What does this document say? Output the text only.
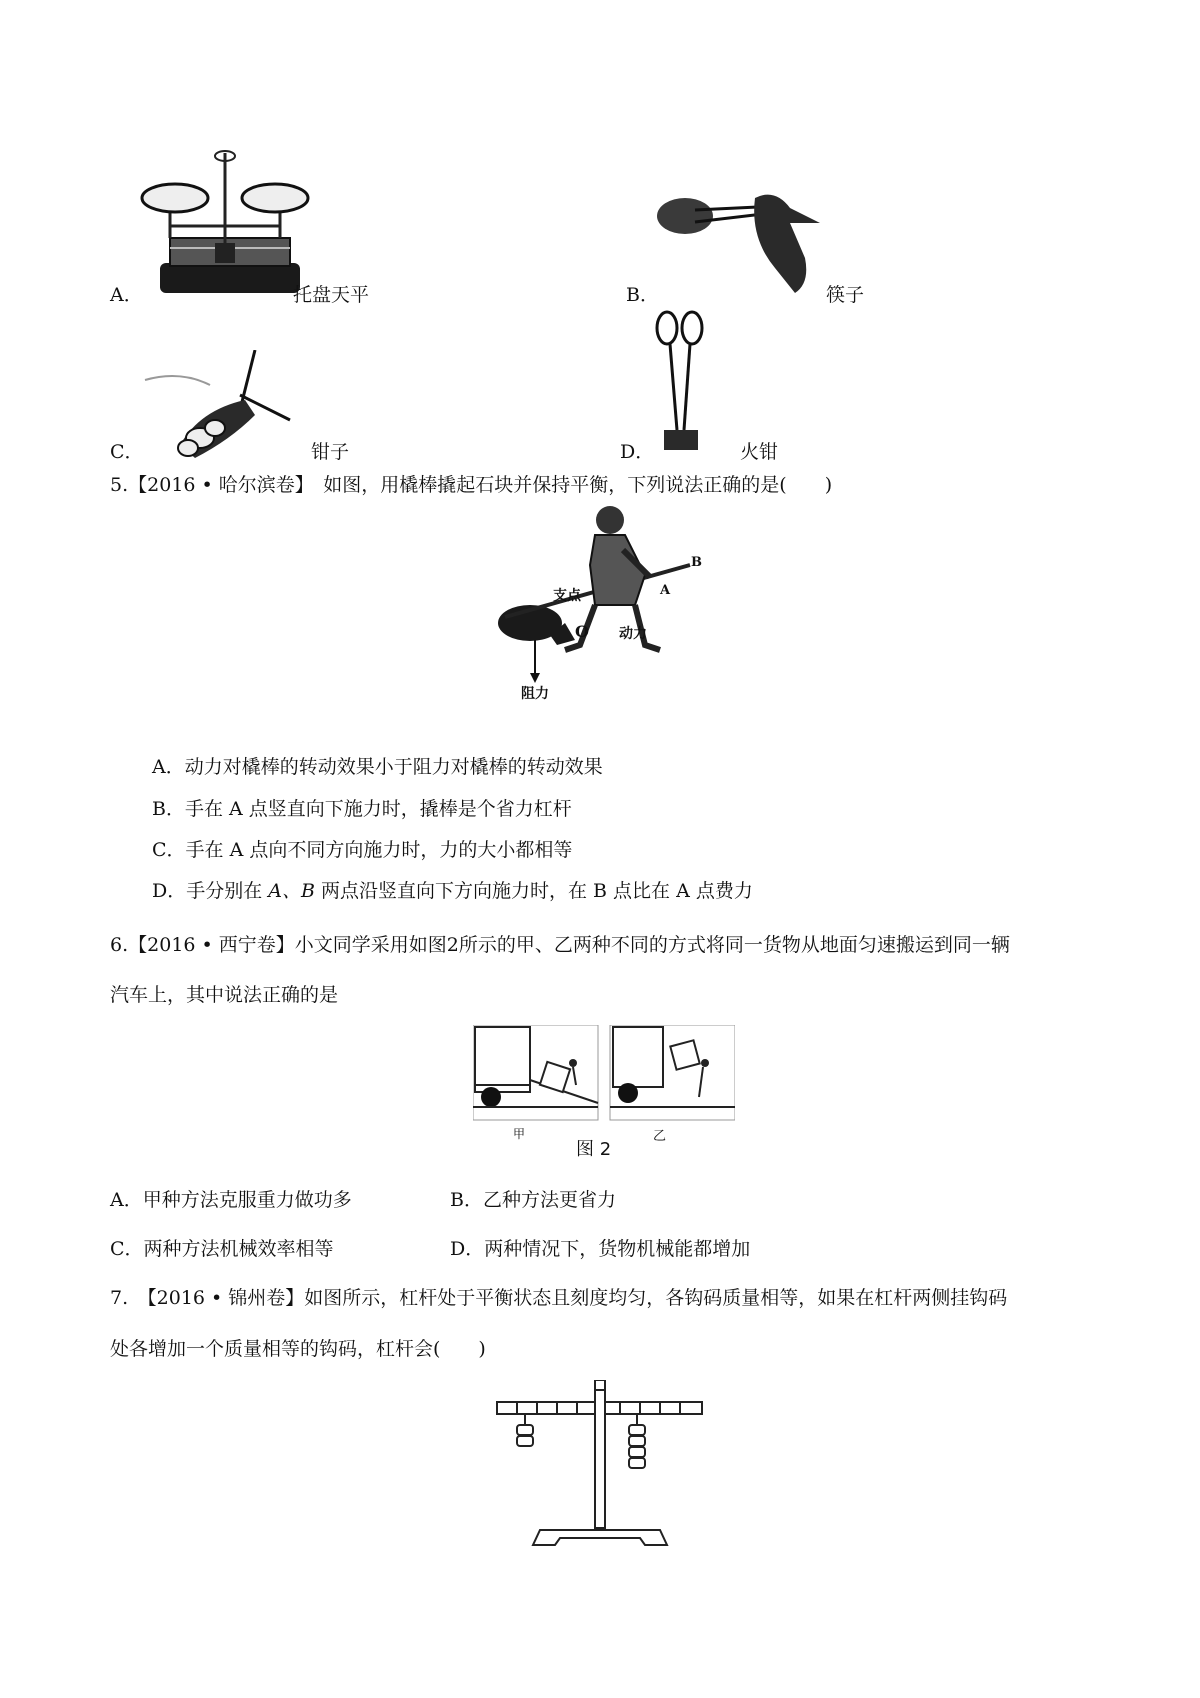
A．	托盘天平	B．	筷子
C．	钳子	D．	火钳
5.【2016 • 哈尔滨卷】　 如图，用橇棒撬起石块并保持平衡，下列说法正确的是(　　)
支点
O
B
A
动力
阻力
A．动力对橇棒的转动效果小于阻力对橇棒的转动效果
B．手在 A 点竖直向下施力时，撬棒是个省力杠杆
C．手在 A 点向不同方向施力时，力的大小都相等
D．手分别在 A、B 两点沿竖直向下方向施力时，在 B 点比在 A 点费力
6.【2016 • 西宁卷】小文同学采用如图2所示的甲、乙两种不同的方式将同一货物从地面匀速搬运到同一辆
汽车上，其中说法正确的是
甲	乙
图 2
A．甲种方法克服重力做功多	B．乙种方法更省力
C．两种方法机械效率相等	D．两种情况下，货物机械能都增加
7.　 【2016 • 锦州卷】如图所示，杠杆处于平衡状态且刻度均匀，各钩码质量相等，如果在杠杆两侧挂钩码
处各增加一个质量相等的钩码，杠杆会(　　)
